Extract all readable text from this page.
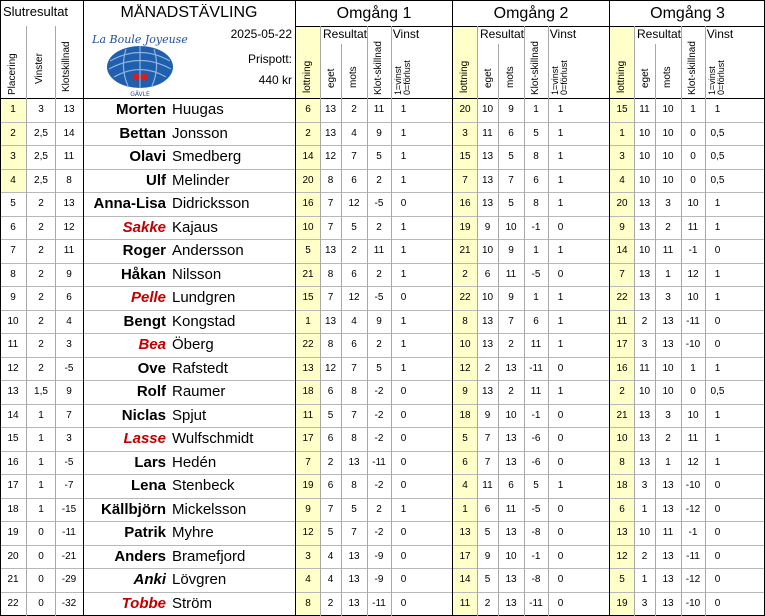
Slutresultat	MÅNADSTÄVLING
2025-05-22
Prispott:
440 kr
La Boule Joyeuse
GÄVLE
Omgång 1	Omgång 2	Omgång 3
Placering Vinster Klotskillnad	lottning
Resultat
eget mots Klot-skillnad
Vinst
1=vinst
0=förlust	lottning
Resultat
eget mots Klot-skillnad
Vinst
1=vinst
0=förlust	lottning
Resultat
eget mots Klot-skillnad
Vinst
1=vinst
0=förlust
1	3	13	Morten Huugas	6	13	2	11	1	20	10	9	1	1	15	11	10	1	1
2	2,5	14	Bettan Jonsson	2	13	4	9	1	3	11	6	5	1	1	10	10	0	0,5
3	2,5	11	Olavi Smedberg	14	12	7	5	1	15	13	5	8	1	3	10	10	0	0,5
4	2,5	8	Ulf Melinder	20	8	6	2	1	7	13	7	6	1	4	10	10	0	0,5
5	2	13	Anna-Lisa Didricksson	16	7	12	-5	0	16	13	5	8	1	20	13	3	10	1
6	2	12	Sakke Kajaus	10	7	5	2	1	19	9	10	-1	0	9	13	2	11	1
7	2	11	Roger Andersson	5	13	2	11	1	21	10	9	1	1	14	10	11	-1	0
8	2	9	Håkan Nilsson	21	8	6	2	1	2	6	11	-5	0	7	13	1	12	1
9	2	6	Pelle Lundgren	15	7	12	-5	0	22	10	9	1	1	22	13	3	10	1
10	2	4	Bengt Kongstad	1	13	4	9	1	8	13	7	6	1	11	2	13	-11	0
11	2	3	Bea Öberg	22	8	6	2	1	10	13	2	11	1	17	3	13	-10	0
12	2	-5	Ove Rafstedt	13	12	7	5	1	12	2	13	-11	0	16	11	10	1	1
13	1,5	9	Rolf Raumer	18	6	8	-2	0	9	13	2	11	1	2	10	10	0	0,5
14	1	7	Niclas Spjut	11	5	7	-2	0	18	9	10	-1	0	21	13	3	10	1
15	1	3	Lasse Wulfschmidt	17	6	8	-2	0	5	7	13	-6	0	10	13	2	11	1
16	1	-5	Lars Hedén	7	2	13	-11	0	6	7	13	-6	0	8	13	1	12	1
17	1	-7	Lena Stenbeck	19	6	8	-2	0	4	11	6	5	1	18	3	13	-10	0
18	1	-15	Källbjörn Mickelsson	9	7	5	2	1	1	6	11	-5	0	6	1	13	-12	0
19	0	-11	Patrik Myhre	12	5	7	-2	0	13	5	13	-8	0	13	10	11	-1	0
20	0	-21	Anders Bramefjord	3	4	13	-9	0	17	9	10	-1	0	12	2	13	-11	0
21	0	-29	Anki Lövgren	4	4	13	-9	0	14	5	13	-8	0	5	1	13	-12	0
22	0	-32	Tobbe Ström	8	2	13	-11	0	11	2	13	-11	0	19	3	13	-10	0
